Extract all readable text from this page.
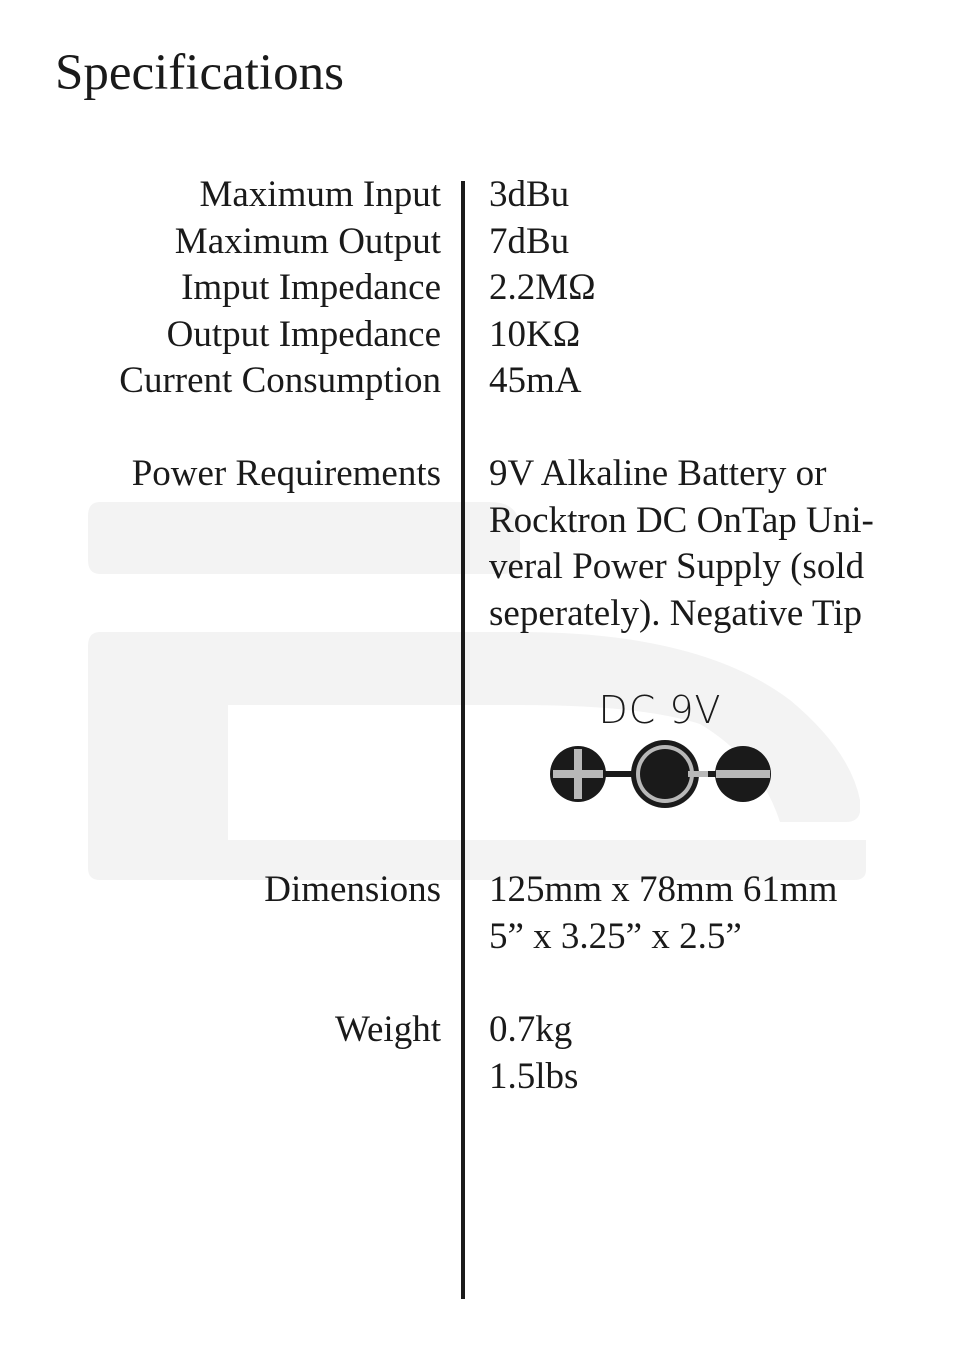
Specifications
Maximum Input 3dBu
Maximum Output 7dBu
Imput Impedance 2.2MΩ
Output Impedance 10KΩ
Current Consumption 45mA
Power Requirements 9V Alkaline Battery or
Rocktron DC OnTap Uni-
veral Power Supply (sold
seperately). Negative Tip
DC 9V
Dimensions 125mm x 78mm 61mm
5” x 3.25” x 2.5”
Weight 0.7kg
1.5lbs
